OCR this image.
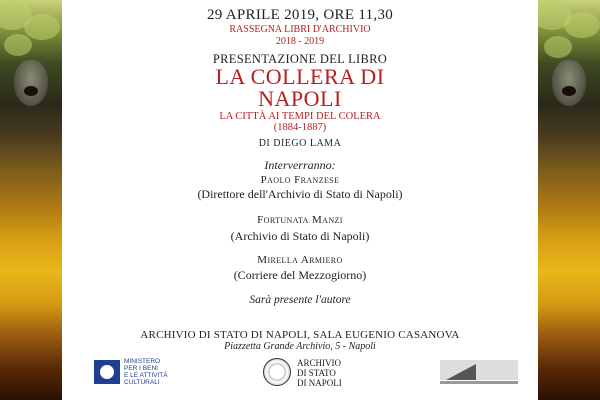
29 APRILE 2019, ORE 11,30
RASSEGNA LIBRI D'ARCHIVIO
2018 - 2019
PRESENTAZIONE DEL LIBRO
LA COLLERA DI
NAPOLI
LA CITTÀ AI TEMPI DEL COLERA
(1884-1887)
DI DIEGO LAMA
Interverranno:
Paolo Franzese
(Direttore dell'Archivio di Stato di Napoli)
Fortunata Manzi
(Archivio di Stato di Napoli)
Mirella Armiero
(Corriere del Mezzogiorno)
Sarà presente l'autore
ARCHIVIO DI STATO DI NAPOLI, SALA EUGENIO CASANOVA
Piazzetta Grande Archivio, 5 - Napoli
MINISTERO
PER I BENI
E LE ATTIVITÀ
CULTURALI
ARCHIVIO
DI STATO
DI NAPOLI
